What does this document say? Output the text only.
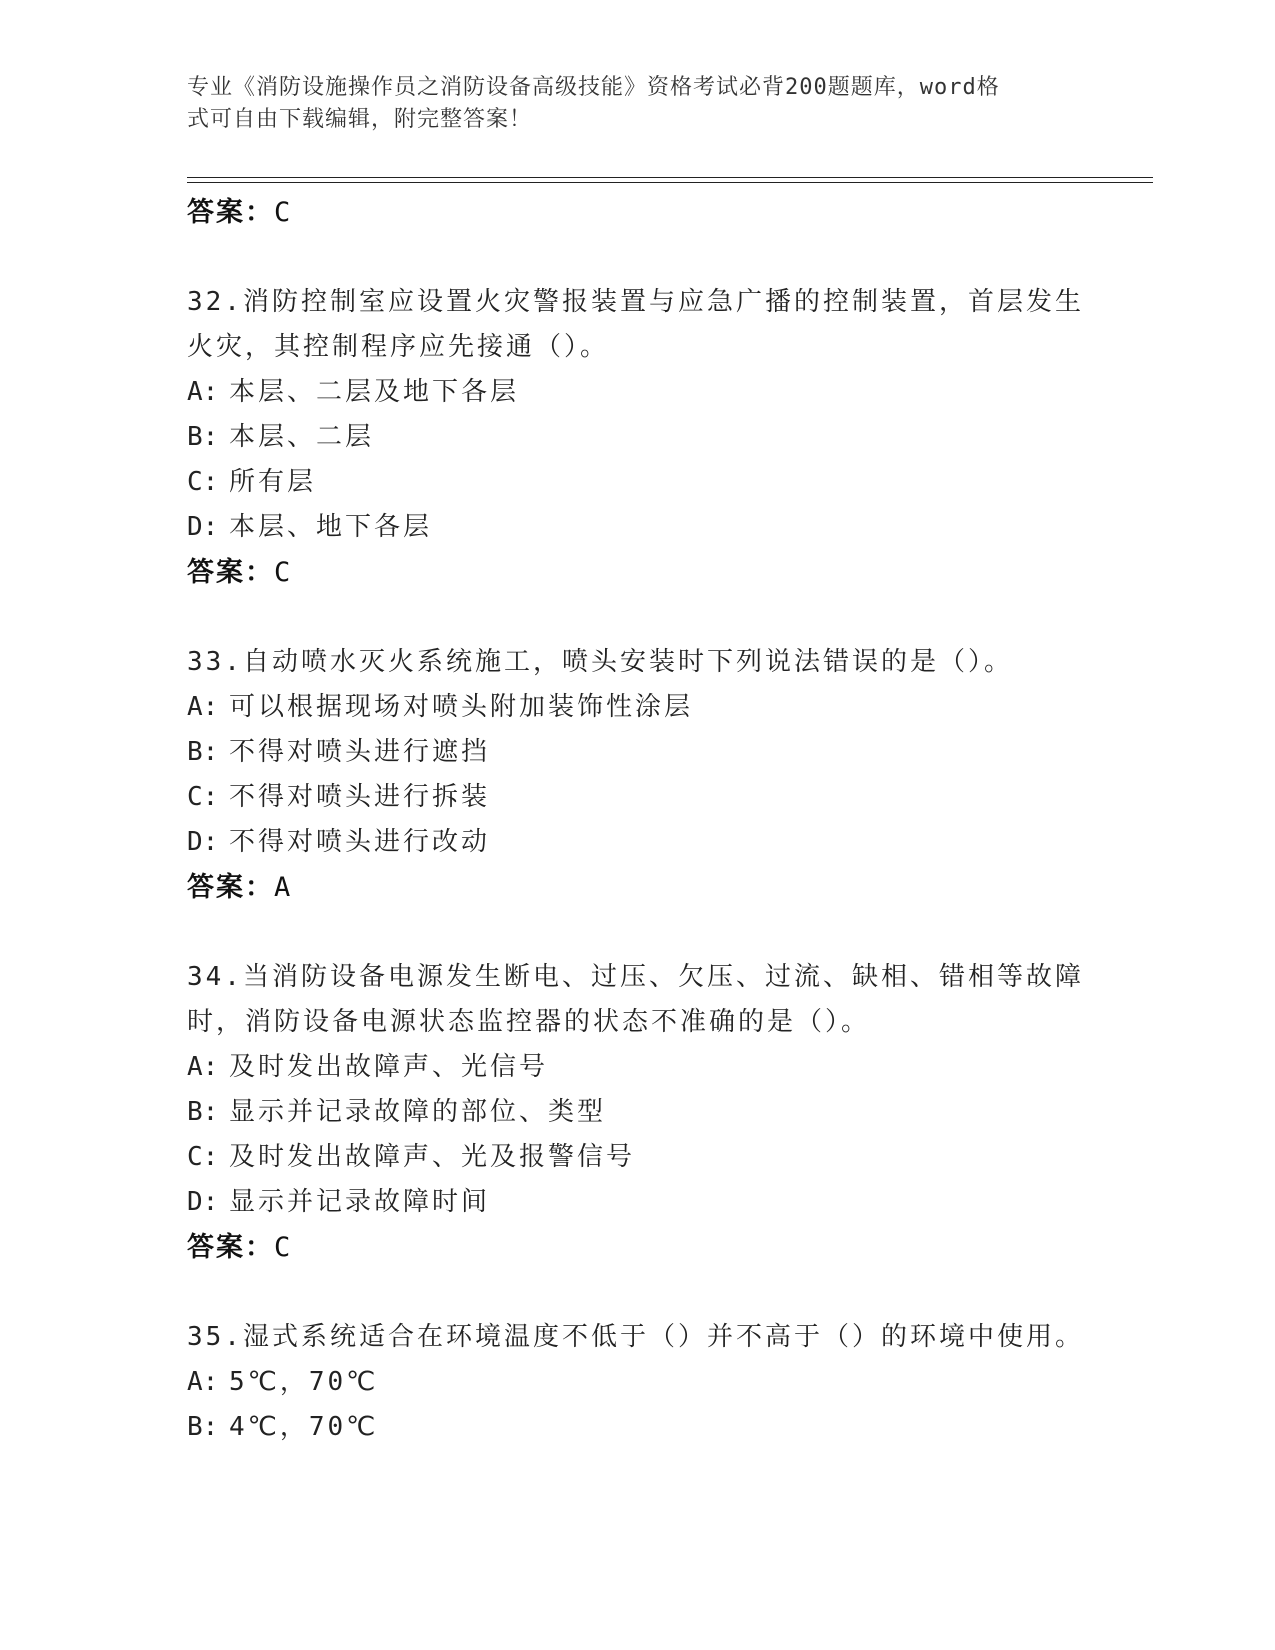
专业《消防设施操作员之消防设备高级技能》资格考试必背200题题库，word格
式可自由下载编辑，附完整答案！
答案：C
32.消防控制室应设置火灾警报装置与应急广播的控制装置，首层发生火灾，其控制程序应先接通（）。
A: 本层、二层及地下各层
B: 本层、二层
C: 所有层
D: 本层、地下各层
答案：C
33.自动喷水灭火系统施工，喷头安装时下列说法错误的是（）。
A: 可以根据现场对喷头附加装饰性涂层
B: 不得对喷头进行遮挡
C: 不得对喷头进行拆装
D: 不得对喷头进行改动
答案：A
34.当消防设备电源发生断电、过压、欠压、过流、缺相、错相等故障时，消防设备电源状态监控器的状态不准确的是（）。
A: 及时发出故障声、光信号
B: 显示并记录故障的部位、类型
C: 及时发出故障声、光及报警信号
D: 显示并记录故障时间
答案：C
35.湿式系统适合在环境温度不低于（）并不高于（）的环境中使用。
A: 5℃，70℃
B: 4℃，70℃
